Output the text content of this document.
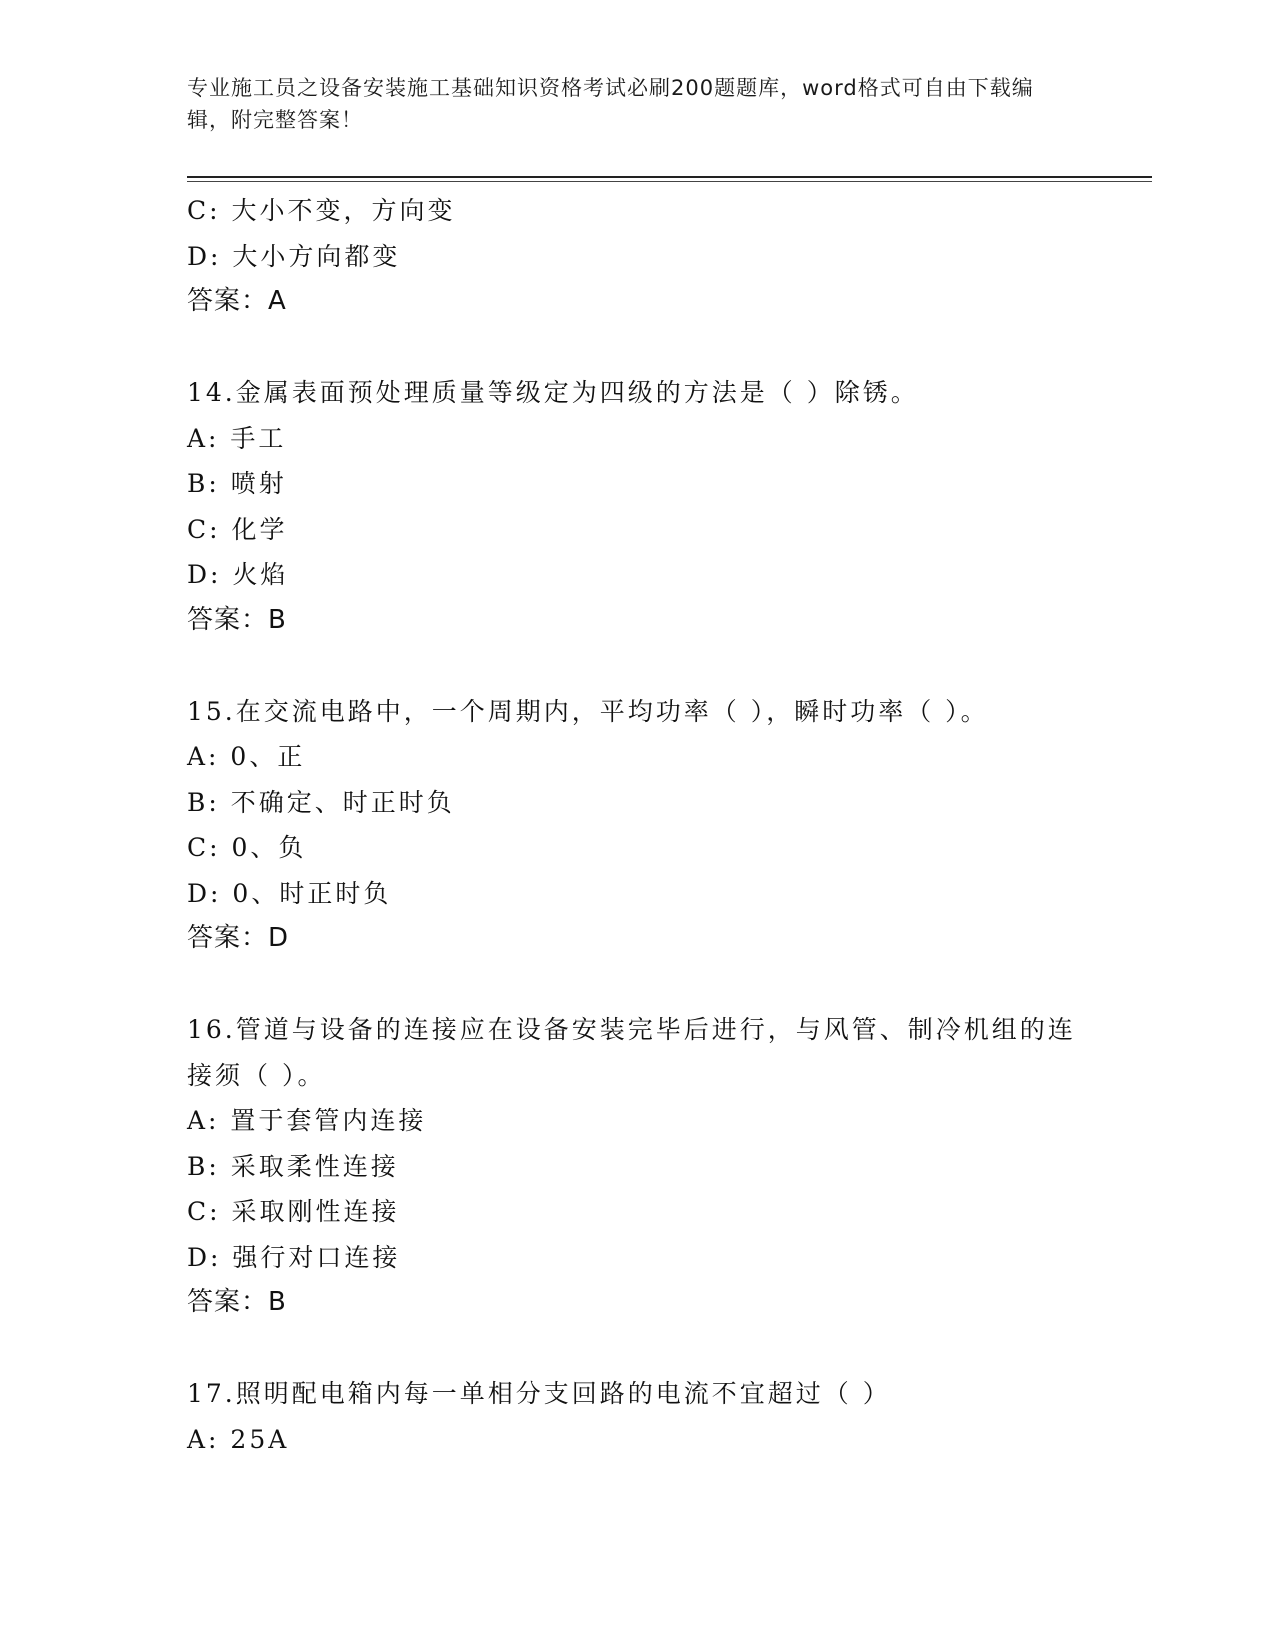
专业施工员之设备安装施工基础知识资格考试必刷200题题库，word格式可自由下载编辑，附完整答案！
C: 大小不变，方向变
D: 大小方向都变
答案：A
14.金属表面预处理质量等级定为四级的方法是（ ）除锈。
A: 手工
B: 喷射
C: 化学
D: 火焰
答案：B
15.在交流电路中，一个周期内，平均功率（ ），瞬时功率（ ）。
A: 0、正
B: 不确定、时正时负
C: 0、负
D: 0、时正时负
答案：D
16.管道与设备的连接应在设备安装完毕后进行，与风管、制冷机组的连接须（ ）。
A: 置于套管内连接
B: 采取柔性连接
C: 采取刚性连接
D: 强行对口连接
答案：B
17.照明配电箱内每一单相分支回路的电流不宜超过（ ）
A: 25A
